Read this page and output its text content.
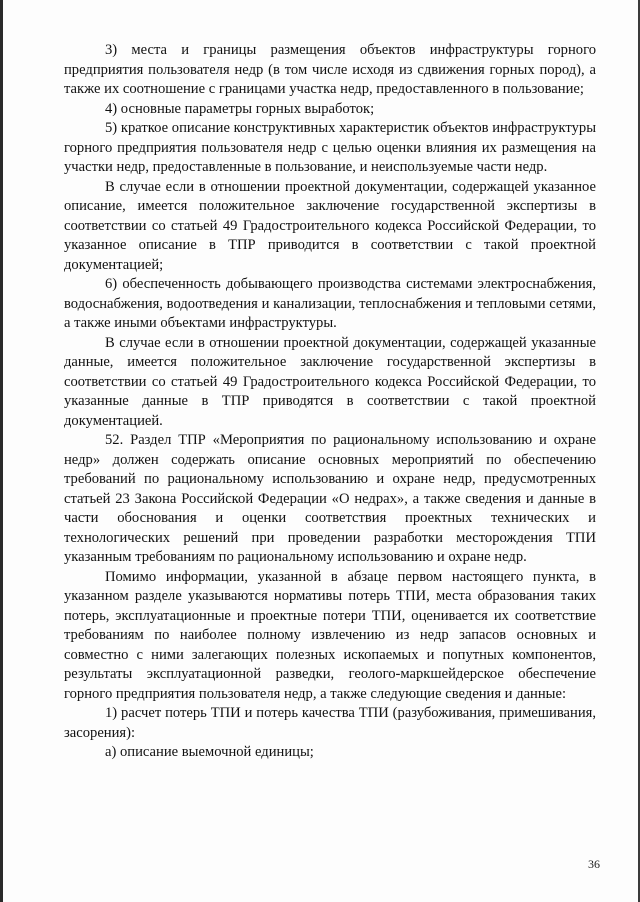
3) места и границы размещения объектов инфраструктуры горного предприятия пользователя недр (в том числе исходя из сдвижения горных пород), а также их соотношение с границами участка недр, предоставленного в пользование;

4) основные параметры горных выработок;

5) краткое описание конструктивных характеристик объектов инфраструктуры горного предприятия пользователя недр с целью оценки влияния их размещения на участки недр, предоставленные в пользование, и неиспользуемые части недр.

В случае если в отношении проектной документации, содержащей указанное описание, имеется положительное заключение государственной экспертизы в соответствии со статьей 49 Градостроительного кодекса Российской Федерации, то указанное описание в ТПР приводится в соответствии с такой проектной документацией;

6) обеспеченность добывающего производства системами электроснабжения, водоснабжения, водоотведения и канализации, теплоснабжения и тепловыми сетями, а также иными объектами инфраструктуры.

В случае если в отношении проектной документации, содержащей указанные данные, имеется положительное заключение государственной экспертизы в соответствии со статьей 49 Градостроительного кодекса Российской Федерации, то указанные данные в ТПР приводятся в соответствии с такой проектной документацией.

52. Раздел ТПР «Мероприятия по рациональному использованию и охране недр» должен содержать описание основных мероприятий по обеспечению требований по рациональному использованию и охране недр, предусмотренных статьей 23 Закона Российской Федерации «О недрах», а также сведения и данные в части обоснования и оценки соответствия проектных технических и технологических решений при проведении разработки месторождения ТПИ указанным требованиям по рациональному использованию и охране недр.

Помимо информации, указанной в абзаце первом настоящего пункта, в указанном разделе указываются нормативы потерь ТПИ, места образования таких потерь, эксплуатационные и проектные потери ТПИ, оценивается их соответствие требованиям по наиболее полному извлечению из недр запасов основных и совместно с ними залегающих полезных ископаемых и попутных компонентов, результаты эксплуатационной разведки, геолого-маркшейдерское обеспечение горного предприятия пользователя недр, а также следующие сведения и данные:

1) расчет потерь ТПИ и потерь качества ТПИ (разубоживания, примешивания, засорения):

а) описание выемочной единицы;

36
